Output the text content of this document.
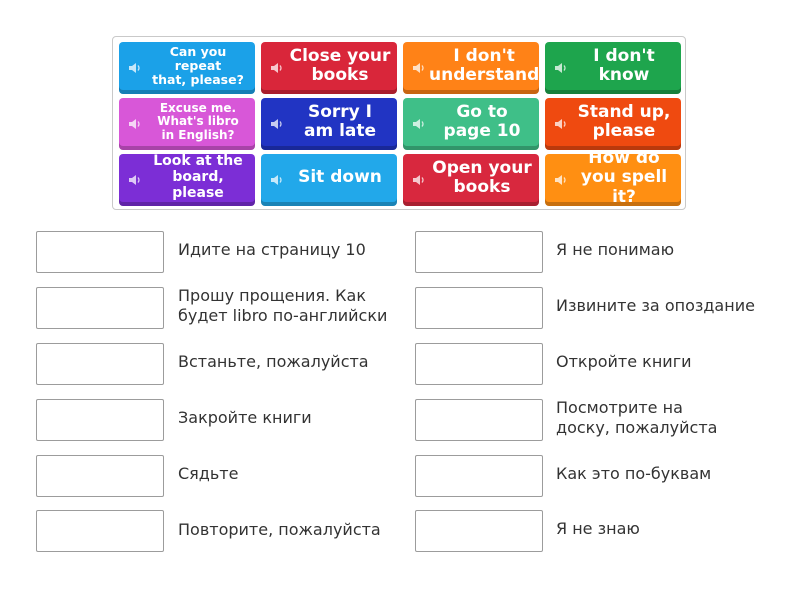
Can you repeat
that, please?
Close your
books
I don't
understand
I don't
know
Excuse me.
What's libro
in English?
Sorry I
am late
Go to
page 10
Stand up,
please
Look at the
board, please
Sit down	Open your
books
How do
you spell it?
Идите на страницу 10
Прошу прощения. Как
будет libro по-английски
Встаньте, пожалуйста
Закройте книги
Сядьте
Повторите, пожалуйста
Я не понимаю
Извините за опоздание
Откройте книги
Посмотрите на
доску, пожалуйста
Как это по-буквам
Я не знаю
